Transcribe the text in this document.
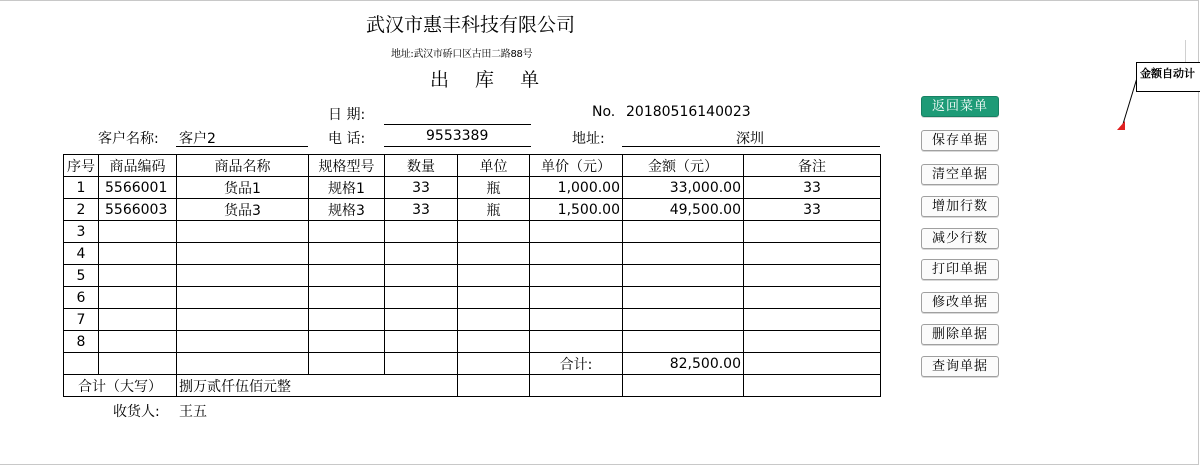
武汉市惠丰科技有限公司
地址:武汉市硚口区古田二路88号
出 库 单
日 期:	No. 20180516140023
客户名称: 客户2	电 话:	9553389	地址:	深圳
序号	商品编码	商品名称	规格型号	数量	单位	单价（元）	金额（元）	备注
1	5566001	货品1	规格1	33	瓶	1,000.00	33,000.00	33
2	5566003	货品3	规格3	33	瓶	1,500.00	49,500.00	33
3								
4								
5								
6								
7								
8								
						合计:	82,500.00	
合计（大写）		捌万贰仟伍佰元整						
收货人: 王五
返回菜单
保存单据
清空单据
增加行数
减少行数
打印单据
修改单据
删除单据
查询单据
金额自动计
